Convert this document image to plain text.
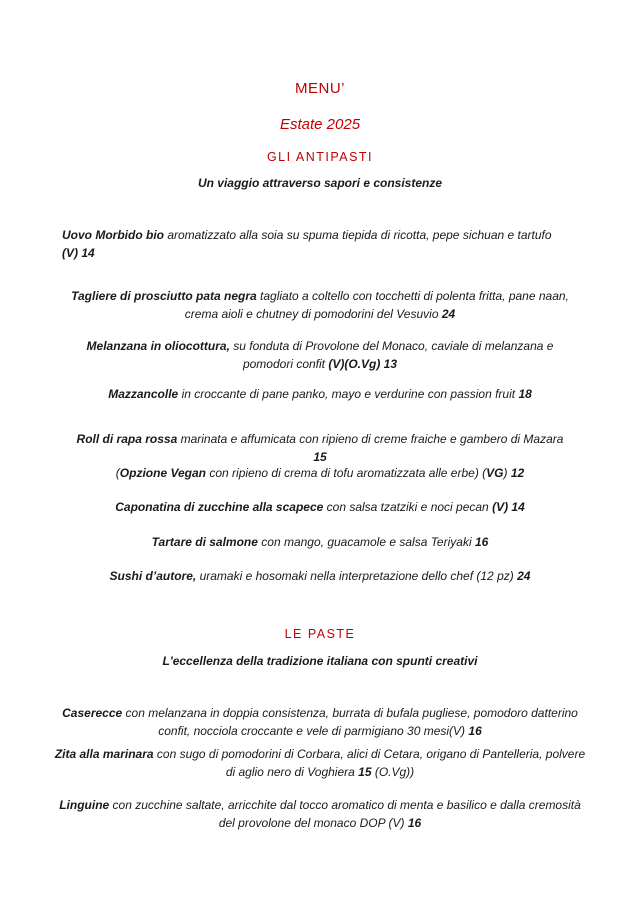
MENU’
Estate 2025
GLI ANTIPASTI
Un viaggio attraverso sapori e consistenze
Uovo Morbido bio aromatizzato alla soia su spuma tiepida di ricotta, pepe sichuan e tartufo (V) 14
Tagliere di prosciutto pata negra tagliato a coltello con tocchetti di polenta fritta, pane naan, crema aioli e chutney di pomodorini del Vesuvio 24
Melanzana in oliocottura, su fonduta di Provolone del Monaco, caviale di melanzana e pomodori confit (V)(O.Vg) 13
Mazzancolle in croccante di pane panko, mayo e verdurine con passion fruit 18
Roll di rapa rossa marinata e affumicata con ripieno di creme fraiche e gambero di Mazara
15
(Opzione Vegan con ripieno di crema di tofu aromatizzata alle erbe) (VG) 12
Caponatina di zucchine alla scapece con salsa tzatziki e noci pecan (V) 14
Tartare di salmone con mango, guacamole e salsa Teriyaki 16
Sushi d’autore, uramaki e hosomaki nella interpretazione dello chef (12 pz) 24
LE PASTE
L'eccellenza della tradizione italiana con spunti creativi
Caserecce con melanzana in doppia consistenza, burrata di bufala pugliese, pomodoro datterino confit, nocciola croccante e vele di parmigiano 30 mesi(V) 16
Zita alla marinara con sugo di pomodorini di Corbara, alici di Cetara, origano di Pantelleria, polvere di aglio nero di Voghiera 15 (O.Vg))
Linguine con zucchine saltate, arricchite dal tocco aromatico di menta e basilico e dalla cremosità del provolone del monaco DOP (V) 16
